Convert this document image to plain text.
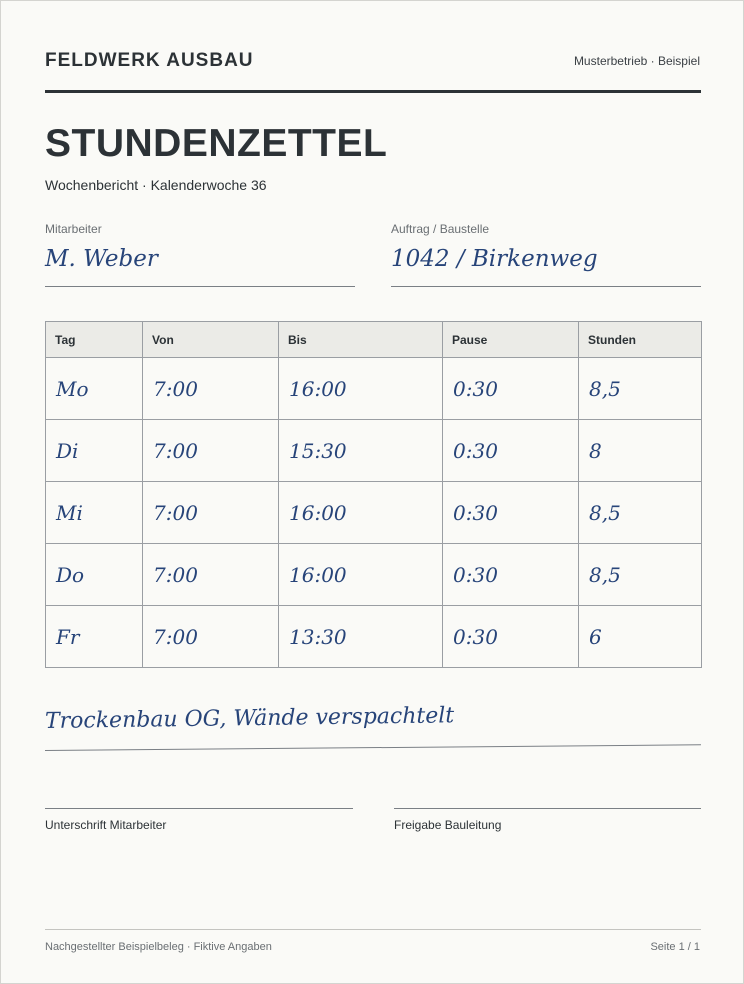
FELDWERK AUSBAU	Musterbetrieb · Beispiel
STUNDENZETTEL
Wochenbericht · Kalenderwoche 36
Mitarbeiter
M. Weber
Auftrag / Baustelle
1042 / Birkenweg
Tag	Von	Bis	Pause	Stunden
Mo	7:00	16:00	0:30	8,5
Di	7:00	15:30	0:30	8
Mi	7:00	16:00	0:30	8,5
Do	7:00	16:00	0:30	8,5
Fr	7:00	13:30	0:30	6
Trockenbau OG, Wände verspachtelt
Unterschrift Mitarbeiter	Freigabe Bauleitung
Nachgestellter Beispielbeleg · Fiktive Angaben	Seite 1 / 1
